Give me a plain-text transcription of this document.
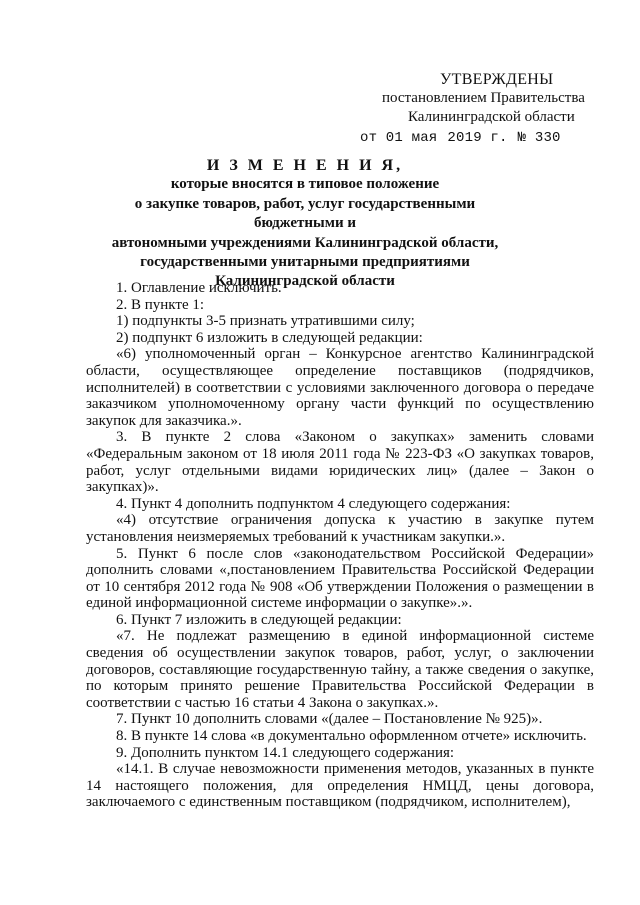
УТВЕРЖДЕНЫ
постановлением Правительства
Калининградской области
от 01 мая 2019 г. № 330
И З М Е Н Е Н И Я,
которые вносятся в типовое положение
о закупке товаров, работ, услуг государственными бюджетными и
автономными учреждениями Калининградской области,
государственными унитарными предприятиями
Калининградской области

1. Оглавление исключить.

2. В пункте 1:

1) подпункты 3-5 признать утратившими силу;

2) подпункт 6 изложить в следующей редакции:

«6) уполномоченный орган – Конкурсное агентство Калининградской области, осуществляющее определение поставщиков (подрядчиков, исполнителей) в соответствии с условиями заключенного договора о передаче заказчиком уполномоченному органу части функций по осуществлению закупок для заказчика.».

3. В пункте 2 слова «Законом о закупках» заменить словами «Федеральным законом от 18 июля 2011 года № 223-ФЗ «О закупках товаров, работ, услуг отдельными видами юридических лиц» (далее – Закон о закупках)».

4. Пункт 4 дополнить подпунктом 4 следующего содержания:

«4) отсутствие ограничения допуска к участию в закупке путем установления неизмеряемых требований к участникам закупки.».

5. Пункт 6 после слов «законодательством Российской Федерации» дополнить словами «,постановлением Правительства Российской Федерации от 10 сентября 2012 года № 908 «Об утверждении Положения о размещении в единой информационной системе информации о закупке».».

6. Пункт 7 изложить в следующей редакции:

«7. Не подлежат размещению в единой информационной системе сведения об осуществлении закупок товаров, работ, услуг, о заключении договоров, составляющие государственную тайну, а также сведения о закупке, по которым принято решение Правительства Российской Федерации в соответствии с частью 16 статьи 4 Закона о закупках.».

7. Пункт 10 дополнить словами «(далее – Постановление № 925)».

8. В пункте 14 слова «в документально оформленном отчете» исключить.

9. Дополнить пунктом 14.1 следующего содержания:

«14.1. В случае невозможности применения методов, указанных в пункте 14 настоящего положения, для определения НМЦД, цены договора, заключаемого с единственным поставщиком (подрядчиком, исполнителем),
